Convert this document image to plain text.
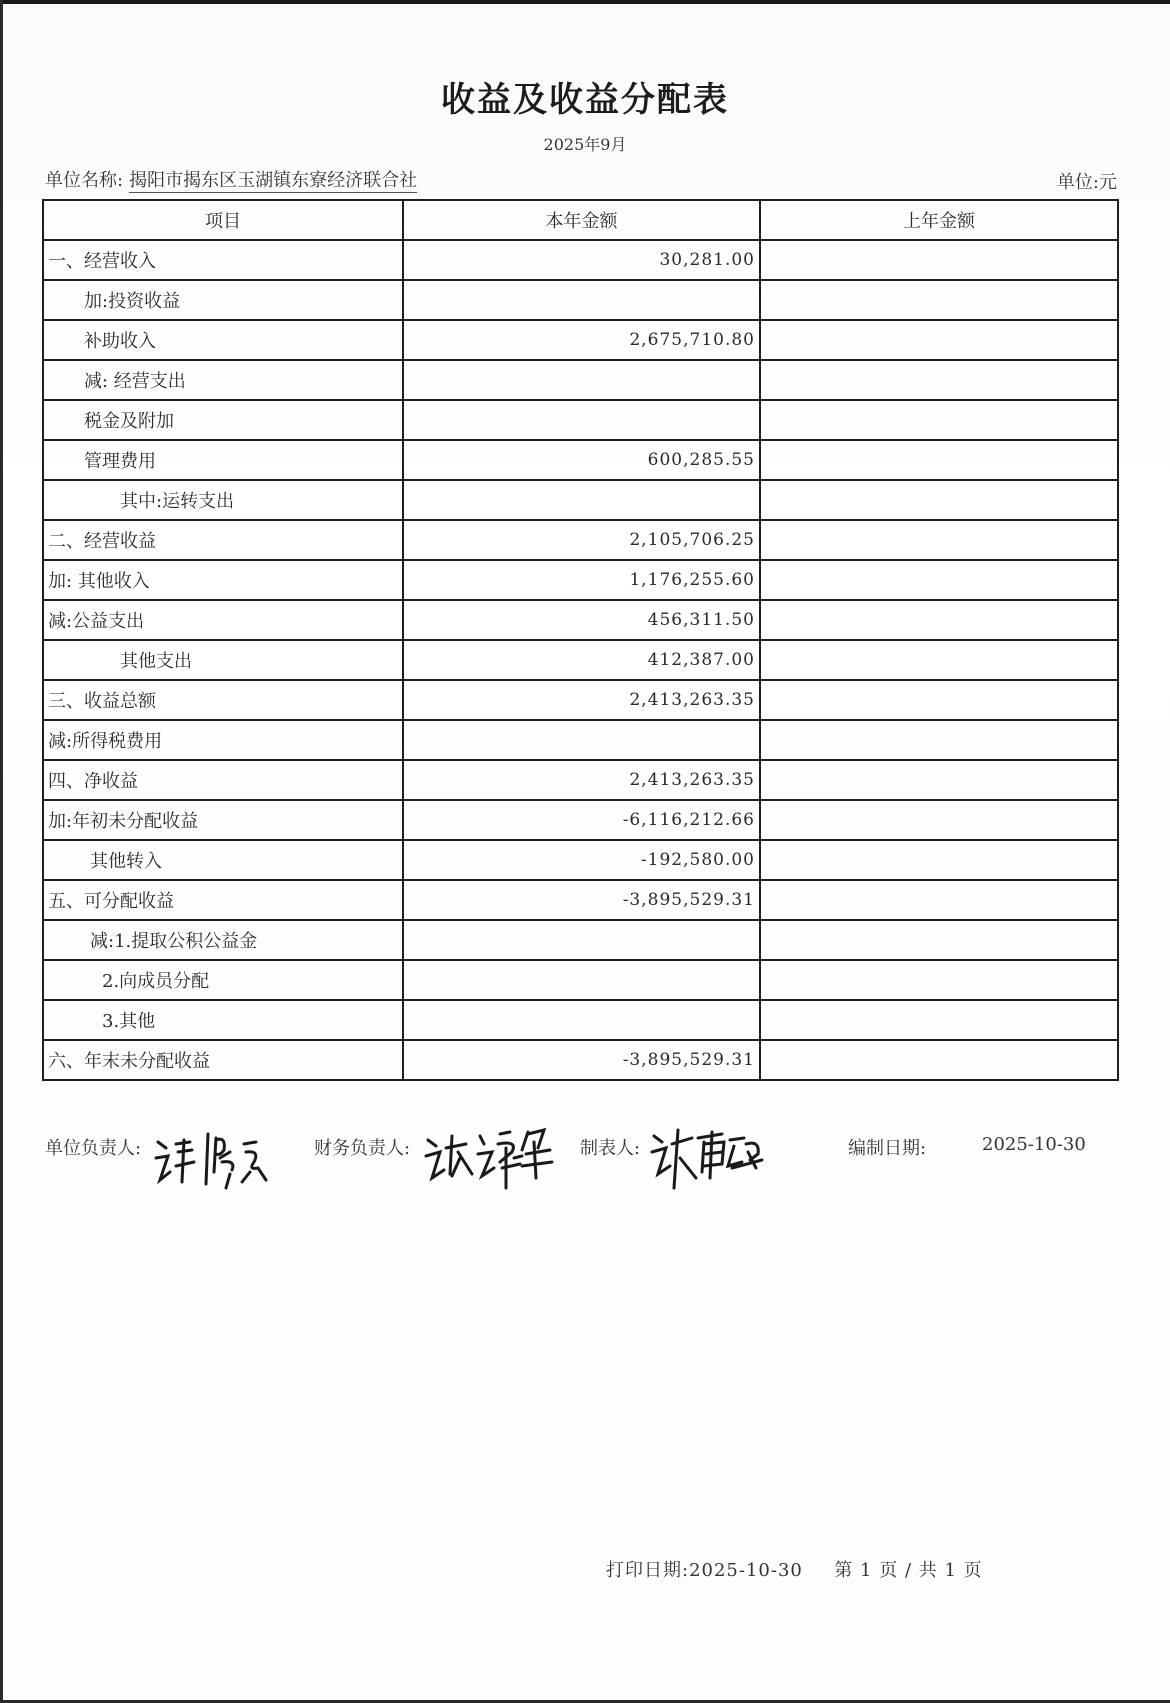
收益及收益分配表
2025年9月
单位名称: 揭阳市揭东区玉湖镇东寮经济联合社	单位:元
项目	本年金额	上年金额
一、经营收入	30,281.00	
加:投资收益		
补助收入	2,675,710.80	
减: 经营支出		
税金及附加		
管理费用	600,285.55	
其中:运转支出		
二、经营收益	2,105,706.25	
加: 其他收入	1,176,255.60	
减:公益支出	456,311.50	
其他支出	412,387.00	
三、收益总额	2,413,263.35	
减:所得税费用		
四、净收益	2,413,263.35	
加:年初未分配收益	-6,116,212.66	
其他转入	-192,580.00	
五、可分配收益	-3,895,529.31	
减:1.提取公积公益金		
2.向成员分配		
3.其他		
六、年末未分配收益	-3,895,529.31	
单位负责人:	财务负责人:	制表人:	编制日期:	2025-10-30
打印日期:2025-10-30 第 1 页 / 共 1 页
